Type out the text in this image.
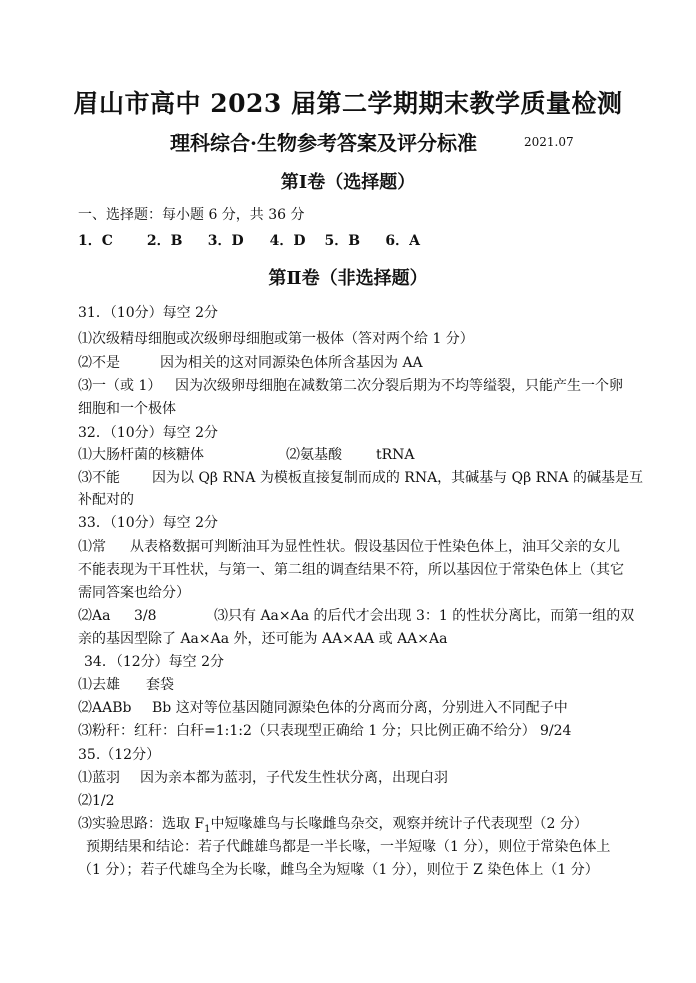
眉山市高中 2023 届第二学期期末教学质量检测
理科综合·生物参考答案及评分标准	2021.07
第Ⅰ卷（选择题）
一、选择题：每小题 6 分，共 36 分
1．C 2．B 3．D 4．D 5．B 6．A
第Ⅱ卷（非选择题）
31．（10分）每空 2分
⑴次级精母细胞或次级卵母细胞或第一极体（答对两个给 1 分）
⑵不是	因为相关的这对同源染色体所含基因为 AA
⑶一（或 1） 因为次级卵母细胞在减数第二次分裂后期为不均等缢裂，只能产生一个卵
细胞和一个极体
32．（10分）每空 2分
⑴大肠杆菌的核糖体	⑵氨基酸 tRNA
⑶不能 因为以 Qβ RNA 为模板直接复制而成的 RNA，其碱基与 Qβ RNA 的碱基是互
补配对的
33．（10分）每空 2分
⑴常 从表格数据可判断油耳为显性性状。假设基因位于性染色体上，油耳父亲的女儿
不能表现为干耳性状，与第一、第二组的调查结果不符，所以基因位于常染色体上（其它
需同答案也给分）
⑵Aa 3/8	⑶只有 Aa×Aa 的后代才会出现 3：1 的性状分离比，而第一组的双
亲的基因型除了 Aa×Aa 外，还可能为 AA×AA 或 AA×Aa
34．（12分）每空 2分
⑴去雄 套袋
⑵AABb Bb 这对等位基因随同源染色体的分离而分离，分别进入不同配子中
⑶粉秆：红秆：白秆=1:1:2（只表现型正确给 1 分；只比例正确不给分） 9/24
35.（12分）
⑴蓝羽 因为亲本都为蓝羽，子代发生性状分离，出现白羽
⑵1/2
⑶实验思路：选取 $F_1$中短喙雄鸟与长喙雌鸟杂交，观察并统计子代表现型（2 分）
预期结果和结论：若子代雌雄鸟都是一半长喙，一半短喙（1 分），则位于常染色体上
（1 分）；若子代雄鸟全为长喙，雌鸟全为短喙（1 分），则位于 Z 染色体上（1 分）
